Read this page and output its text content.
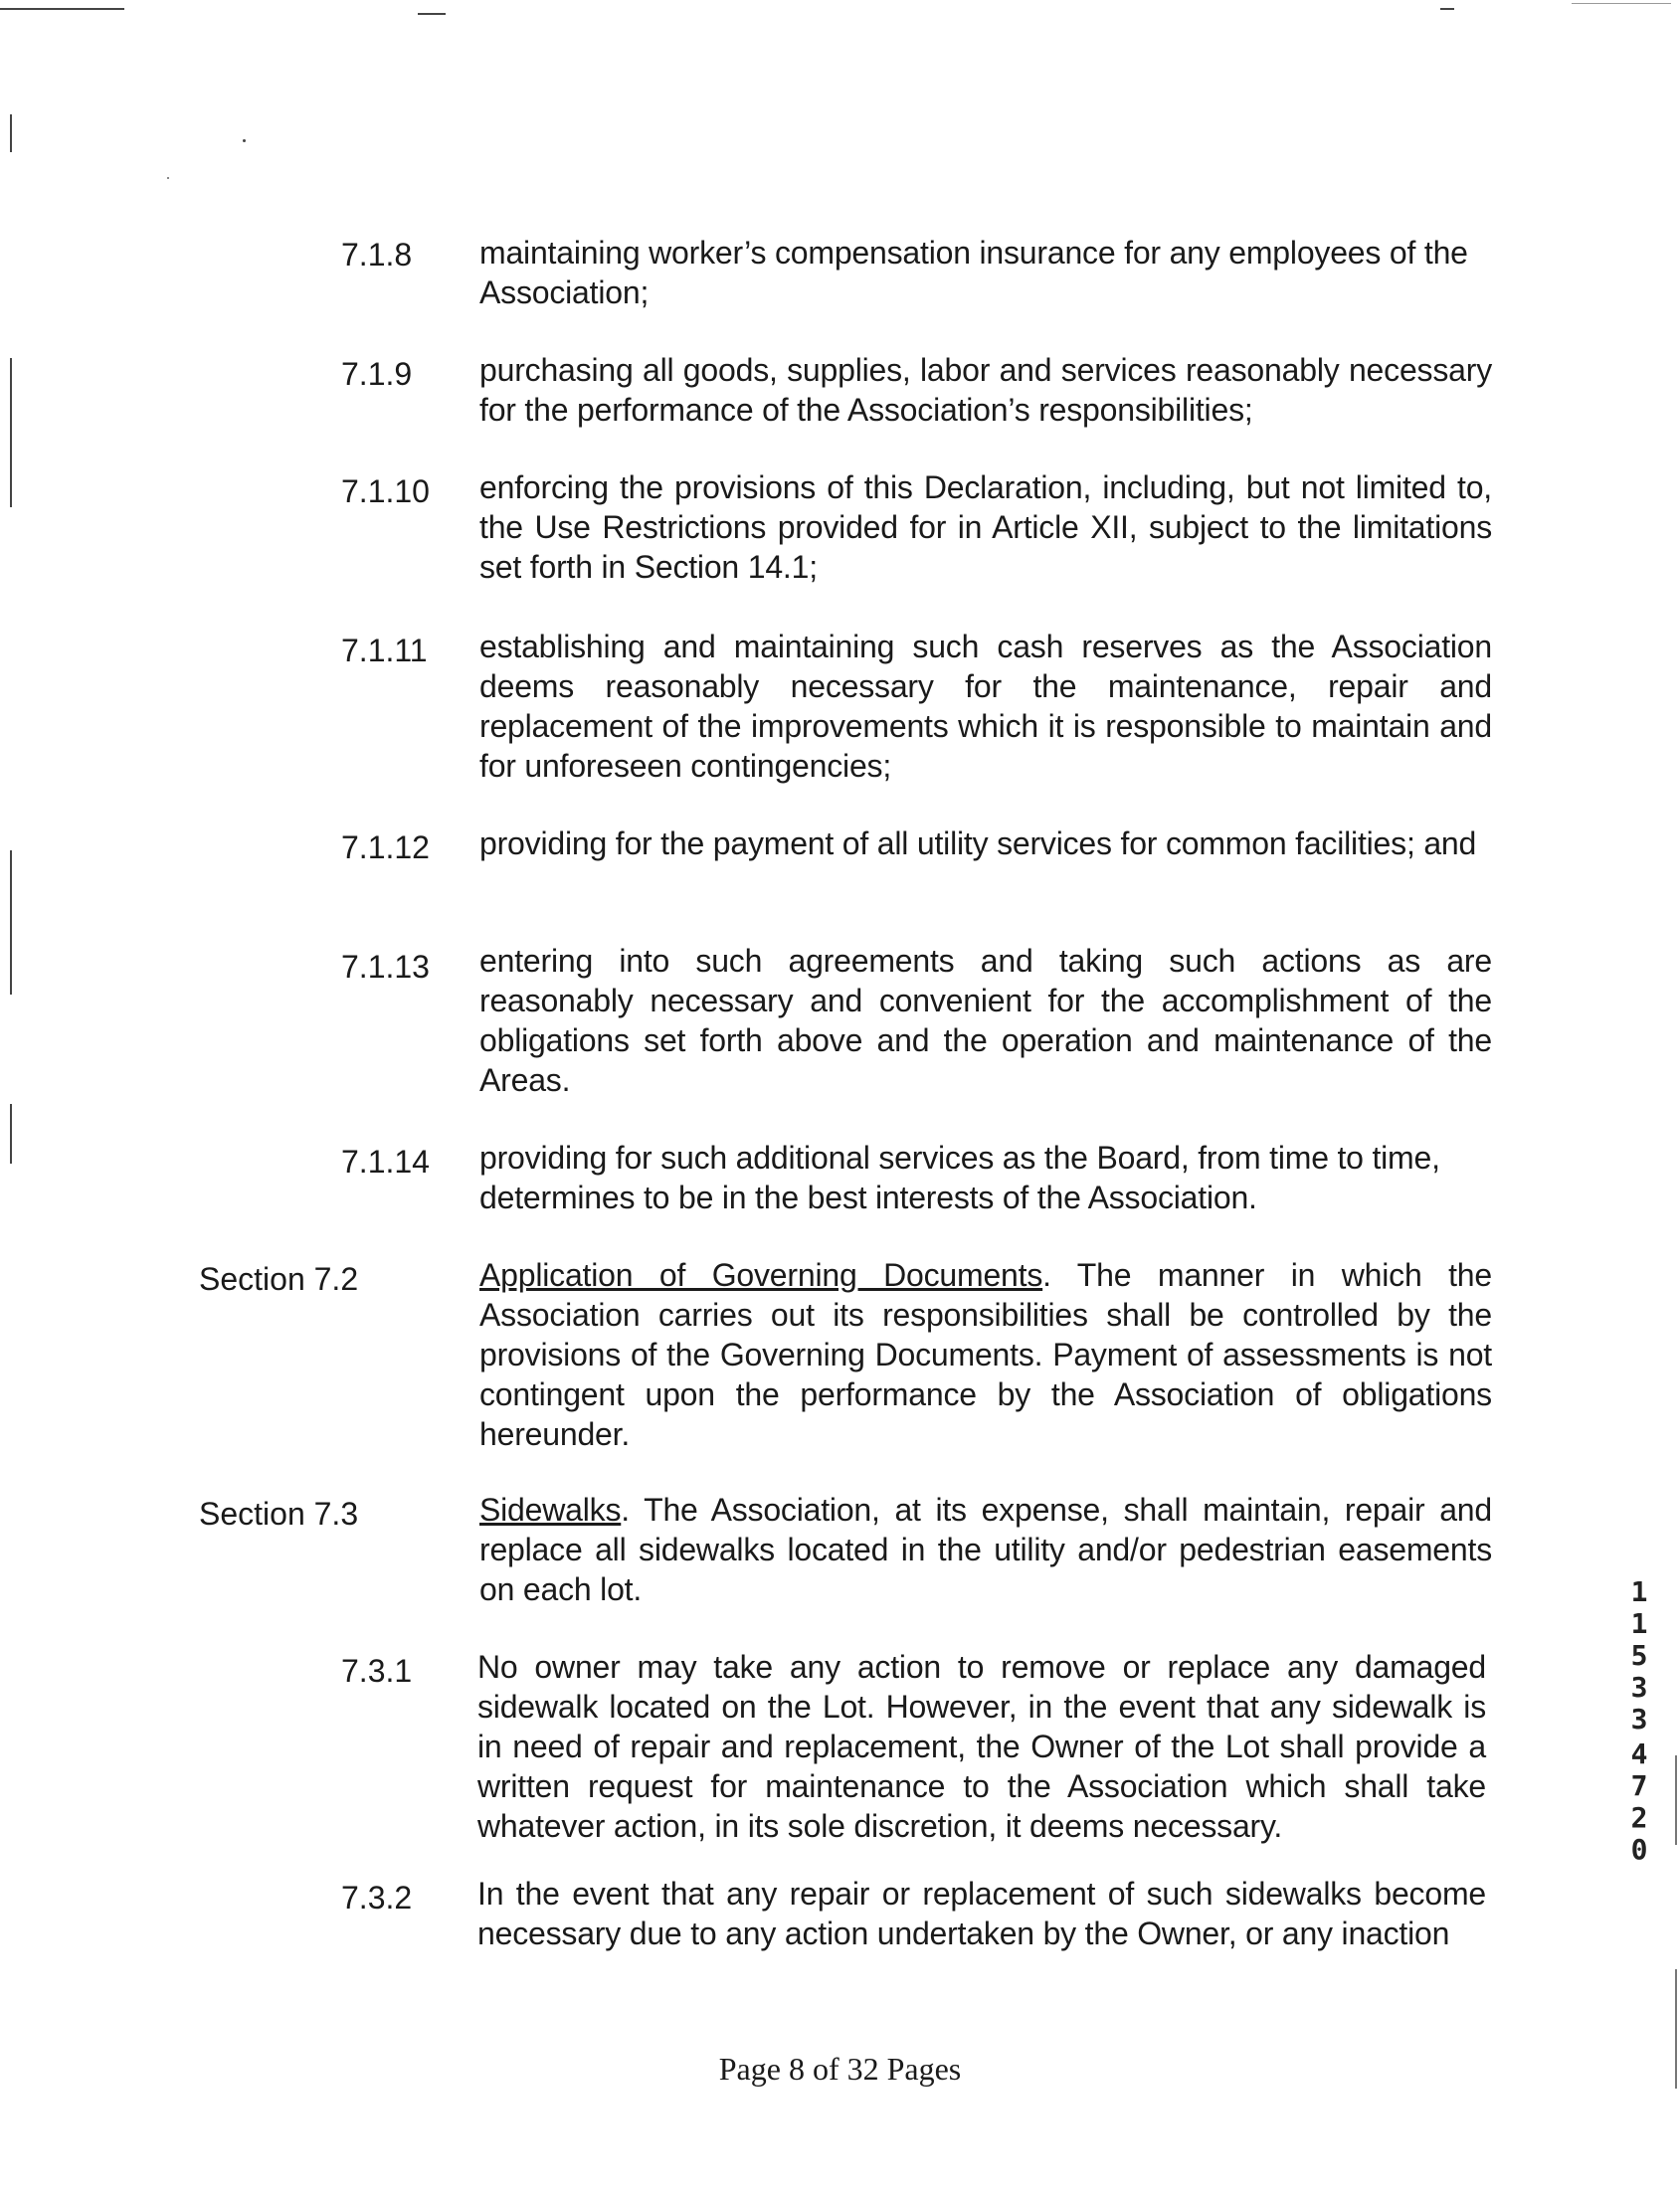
7.1.8 maintaining worker’s compensation insurance for any employees of the Association;
7.1.9 purchasing all goods, supplies, labor and services reasonably necessary for the performance of the Association’s responsibilities;
7.1.10 enforcing the provisions of this Declaration, including, but not limited to, the Use Restrictions provided for in Article XII, subject to the limitations set forth in Section 14.1;
7.1.11 establishing and maintaining such cash reserves as the Association deems reasonably necessary for the maintenance, repair and replacement of the improvements which it is responsible to maintain and for unforeseen contingencies;
7.1.12 providing for the payment of all utility services for common facilities; and
7.1.13 entering into such agreements and taking such actions as are reasonably necessary and convenient for the accomplishment of the obligations set forth above and the operation and maintenance of the Areas.
7.1.14 providing for such additional services as the Board, from time to time, determines to be in the best interests of the Association.
Section 7.2	Application of Governing Documents. The manner in which the Association carries out its responsibilities shall be controlled by the provisions of the Governing Documents. Payment of assessments is not contingent upon the performance by the Association of obligations hereunder.
Section 7.3	Sidewalks. The Association, at its expense, shall maintain, repair and replace all sidewalks located in the utility and/or pedestrian easements on each lot.
7.3.1 No owner may take any action to remove or replace any damaged sidewalk located on the Lot. However, in the event that any sidewalk is in need of repair and replacement, the Owner of the Lot shall provide a written request for maintenance to the Association which shall take whatever action, in its sole discretion, it deems necessary.
7.3.2 In the event that any repair or replacement of such sidewalks become necessary due to any action undertaken by the Owner, or any inaction
Page 8 of 32 Pages
1
1
5
3
3
4
7
2
0
